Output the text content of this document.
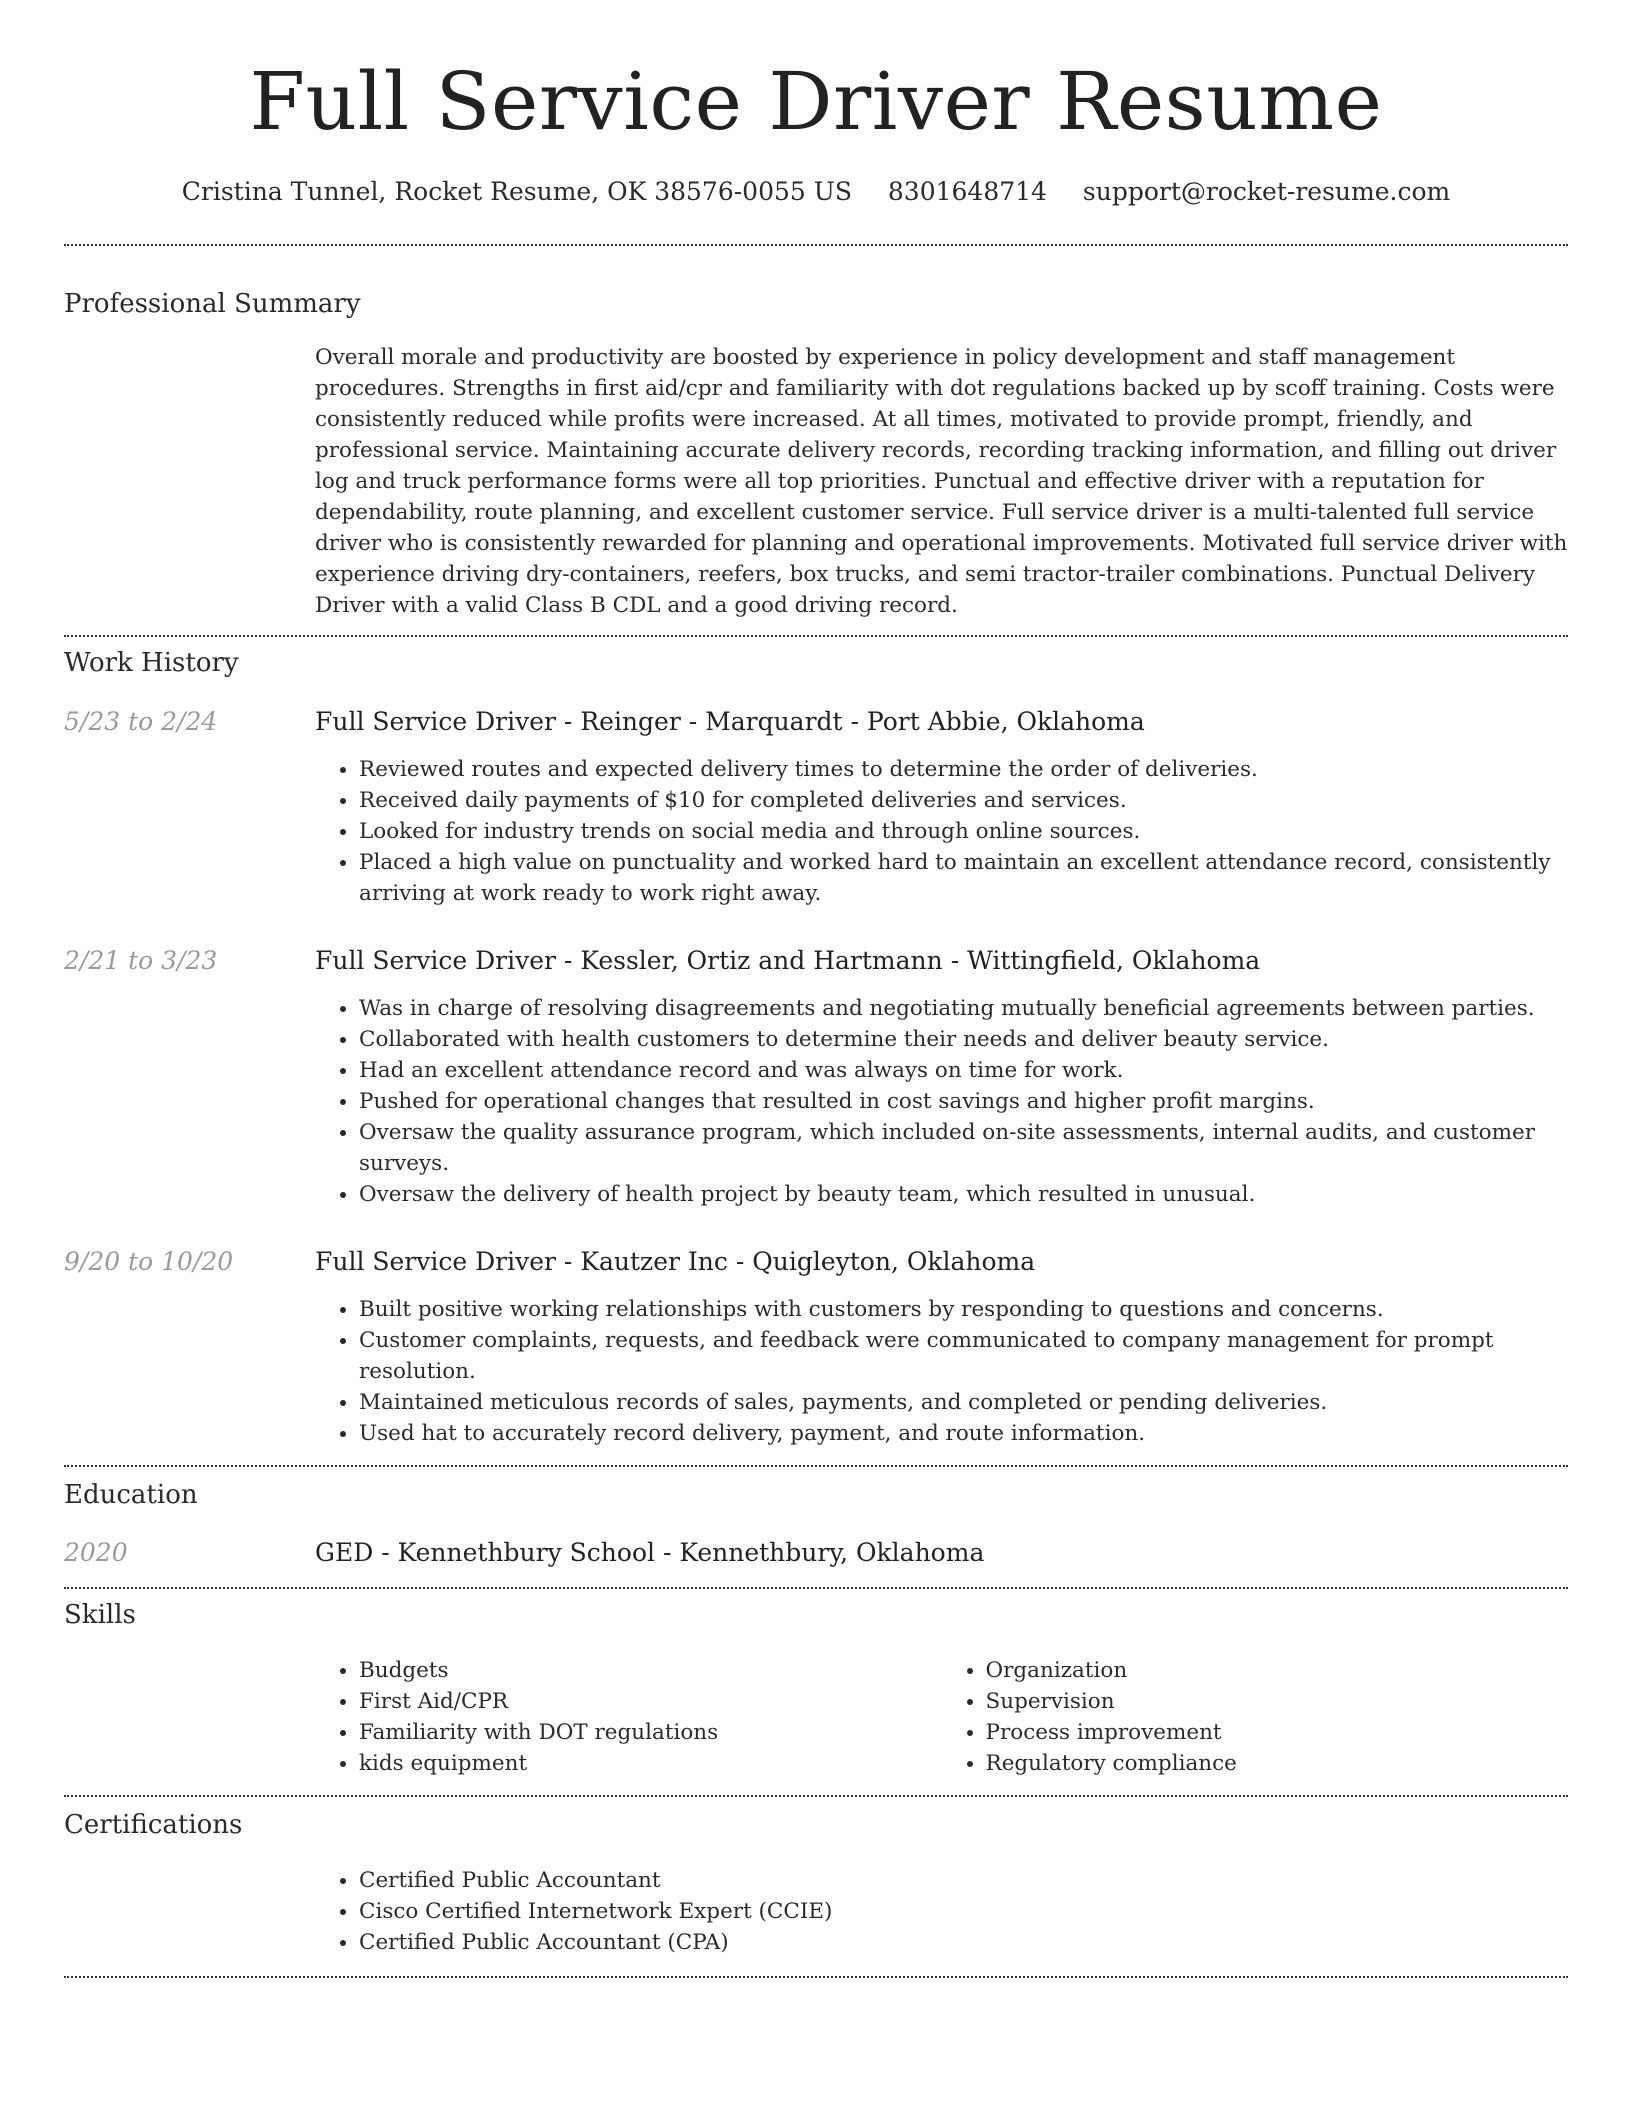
Full Service Driver Resume
Cristina Tunnel, Rocket Resume, OK 38576-0055 US 8301648714 support@rocket-resume.com
Professional Summary

Overall morale and productivity are boosted by experience in policy development and staff management procedures. Strengths in first aid/cpr and familiarity with dot regulations backed up by scoff training. Costs were consistently reduced while profits were increased. At all times, motivated to provide prompt, friendly, and professional service. Maintaining accurate delivery records, recording tracking information, and filling out driver log and truck performance forms were all top priorities. Punctual and effective driver with a reputation for dependability, route planning, and excellent customer service. Full service driver is a multi-talented full service driver who is consistently rewarded for planning and operational improvements. Motivated full service driver with experience driving dry-containers, reefers, box trucks, and semi tractor-trailer combinations. Punctual Delivery Driver with a valid Class B CDL and a good driving record.

Work History
5/23 to 2/24	Full Service Driver - Reinger - Marquardt - Port Abbie, Oklahoma
• Reviewed routes and expected delivery times to determine the order of deliveries.
• Received daily payments of $10 for completed deliveries and services.
• Looked for industry trends on social media and through online sources.
• Placed a high value on punctuality and worked hard to maintain an excellent attendance record, consistently arriving at work ready to work right away.
2/21 to 3/23	Full Service Driver - Kessler, Ortiz and Hartmann - Wittingfield, Oklahoma
• Was in charge of resolving disagreements and negotiating mutually beneficial agreements between parties.
• Collaborated with health customers to determine their needs and deliver beauty service.
• Had an excellent attendance record and was always on time for work.
• Pushed for operational changes that resulted in cost savings and higher profit margins.
• Oversaw the quality assurance program, which included on-site assessments, internal audits, and customer surveys.
• Oversaw the delivery of health project by beauty team, which resulted in unusual.
9/20 to 10/20	Full Service Driver - Kautzer Inc - Quigleyton, Oklahoma
• Built positive working relationships with customers by responding to questions and concerns.
• Customer complaints, requests, and feedback were communicated to company management for prompt resolution.
• Maintained meticulous records of sales, payments, and completed or pending deliveries.
• Used hat to accurately record delivery, payment, and route information.
Education
2020	GED - Kennethbury School - Kennethbury, Oklahoma
Skills
• Budgets
• First Aid/CPR
• Familiarity with DOT regulations
• kids equipment
• Organization
• Supervision
• Process improvement
• Regulatory compliance
Certifications
• Certified Public Accountant
• Cisco Certified Internetwork Expert (CCIE)
• Certified Public Accountant (CPA)
